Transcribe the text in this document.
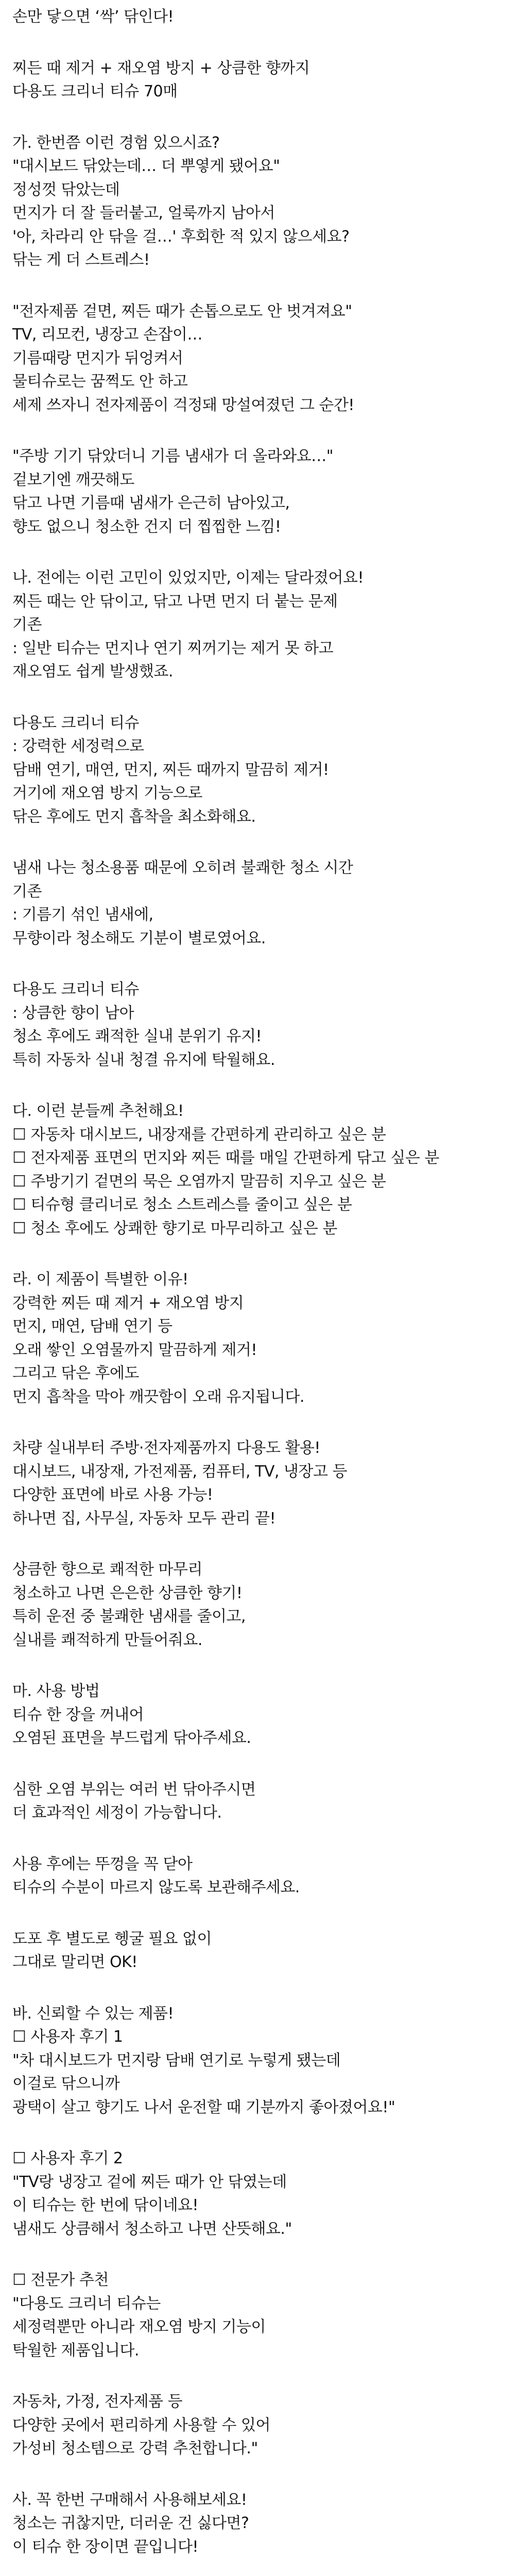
손만 닿으면 ‘싹’ 닦인다!
찌든 때 제거 + 재오염 방지 + 상큼한 향까지
다용도 크리너 티슈 70매
가. 한번쯤 이런 경험 있으시죠?
"대시보드 닦았는데… 더 뿌옇게 됐어요"
정성껏 닦았는데
먼지가 더 잘 들러붙고, 얼룩까지 남아서
'아, 차라리 안 닦을 걸…' 후회한 적 있지 않으세요?
닦는 게 더 스트레스!
"전자제품 겉면, 찌든 때가 손톱으로도 안 벗겨져요"
TV, 리모컨, 냉장고 손잡이…
기름때랑 먼지가 뒤엉켜서
물티슈로는 꿈쩍도 안 하고
세제 쓰자니 전자제품이 걱정돼 망설여졌던 그 순간!
"주방 기기 닦았더니 기름 냄새가 더 올라와요…"
겉보기엔 깨끗해도
닦고 나면 기름때 냄새가 은근히 남아있고,
향도 없으니 청소한 건지 더 찝찝한 느낌!
나. 전에는 이런 고민이 있었지만, 이제는 달라졌어요!
찌든 때는 안 닦이고, 닦고 나면 먼지 더 붙는 문제
기존
: 일반 티슈는 먼지나 연기 찌꺼기는 제거 못 하고
재오염도 쉽게 발생했죠.
다용도 크리너 티슈
: 강력한 세정력으로
담배 연기, 매연, 먼지, 찌든 때까지 말끔히 제거!
거기에 재오염 방지 기능으로
닦은 후에도 먼지 흡착을 최소화해요.
냄새 나는 청소용품 때문에 오히려 불쾌한 청소 시간
기존
: 기름기 섞인 냄새에,
무향이라 청소해도 기분이 별로였어요.
다용도 크리너 티슈
: 상큼한 향이 남아
청소 후에도 쾌적한 실내 분위기 유지!
특히 자동차 실내 청결 유지에 탁월해요.
다. 이런 분들께 추천해요!
☐ 자동차 대시보드, 내장재를 간편하게 관리하고 싶은 분
☐ 전자제품 표면의 먼지와 찌든 때를 매일 간편하게 닦고 싶은 분
☐ 주방기기 겉면의 묵은 오염까지 말끔히 지우고 싶은 분
☐ 티슈형 클리너로 청소 스트레스를 줄이고 싶은 분
☐ 청소 후에도 상쾌한 향기로 마무리하고 싶은 분
라. 이 제품이 특별한 이유!
강력한 찌든 때 제거 + 재오염 방지
먼지, 매연, 담배 연기 등
오래 쌓인 오염물까지 말끔하게 제거!
그리고 닦은 후에도
먼지 흡착을 막아 깨끗함이 오래 유지됩니다.
차량 실내부터 주방·전자제품까지 다용도 활용!
대시보드, 내장재, 가전제품, 컴퓨터, TV, 냉장고 등
다양한 표면에 바로 사용 가능!
하나면 집, 사무실, 자동차 모두 관리 끝!
상큼한 향으로 쾌적한 마무리
청소하고 나면 은은한 상큼한 향기!
특히 운전 중 불쾌한 냄새를 줄이고,
실내를 쾌적하게 만들어줘요.
마. 사용 방법
티슈 한 장을 꺼내어
오염된 표면을 부드럽게 닦아주세요.
심한 오염 부위는 여러 번 닦아주시면
더 효과적인 세정이 가능합니다.
사용 후에는 뚜껑을 꼭 닫아
티슈의 수분이 마르지 않도록 보관해주세요.
도포 후 별도로 헹굴 필요 없이
그대로 말리면 OK!
바. 신뢰할 수 있는 제품!
☐ 사용자 후기 1
"차 대시보드가 먼지랑 담배 연기로 누렇게 됐는데
이걸로 닦으니까
광택이 살고 향기도 나서 운전할 때 기분까지 좋아졌어요!"
☐ 사용자 후기 2
"TV랑 냉장고 겉에 찌든 때가 안 닦였는데
이 티슈는 한 번에 닦이네요!
냄새도 상큼해서 청소하고 나면 산뜻해요."
☐ 전문가 추천
"다용도 크리너 티슈는
세정력뿐만 아니라 재오염 방지 기능이
탁월한 제품입니다.
자동차, 가정, 전자제품 등
다양한 곳에서 편리하게 사용할 수 있어
가성비 청소템으로 강력 추천합니다."
사. 꼭 한번 구매해서 사용해보세요!
청소는 귀찮지만, 더러운 건 싫다면?
이 티슈 한 장이면 끝입니다!
